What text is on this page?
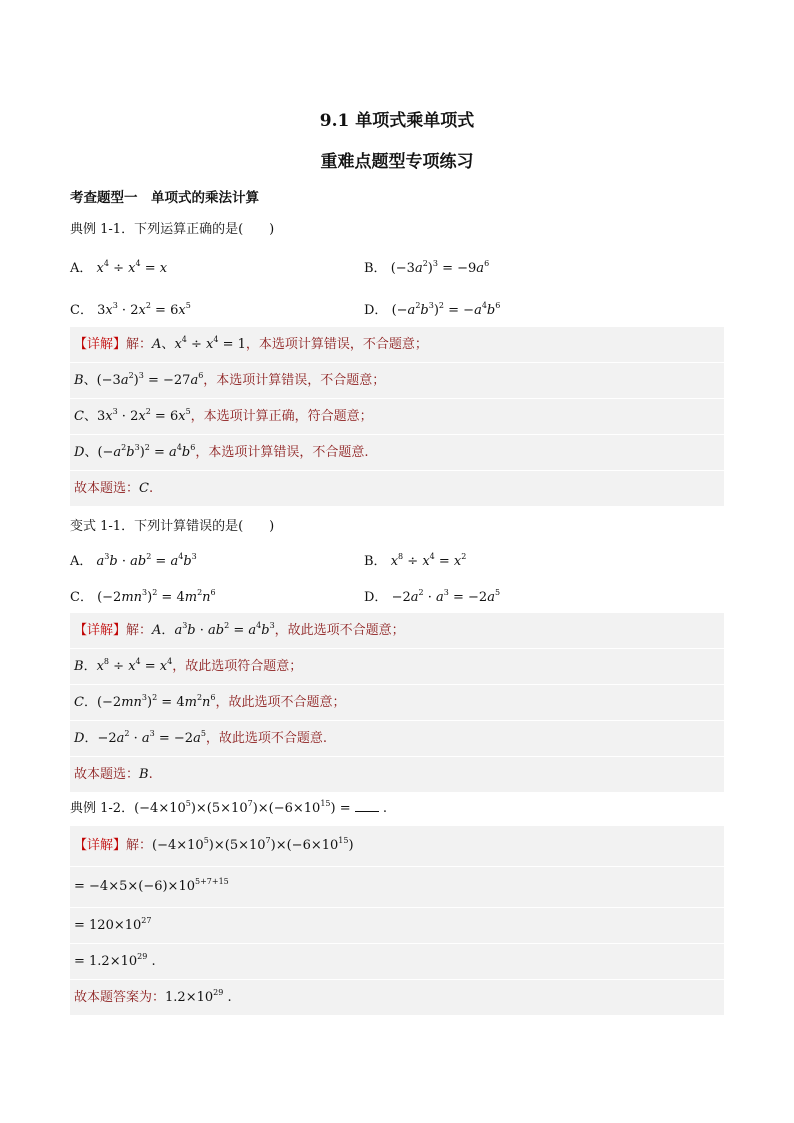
9.1 单项式乘单项式
重难点题型专项练习
考查题型一　单项式的乘法计算
典例 1-1．下列运算正确的是(　　)
A． $x^4 \div x^4 = x$	B． $(-3a^2)^3 = -9a^6$
C． $3x^3 \cdot 2x^2 = 6x^5$	D． $(-a^2b^3)^2 = -a^4b^6$
【详解】解：A、$x^4 \div x^4 = 1$，本选项计算错误，不合题意；
B、$(-3a^2)^3 = -27a^6$，本选项计算错误，不合题意；
C、$3x^3 \cdot 2x^2 = 6x^5$，本选项计算正确，符合题意；
D、$(-a^2b^3)^2 = a^4b^6$，本选项计算错误，不合题意.
故本题选：C.
变式 1-1．下列计算错误的是(　　)
A． $a^3b \cdot ab^2 = a^4b^3$	B． $x^8 \div x^4 = x^2$
C． $(-2mn^3)^2 = 4m^2n^6$	D． $-2a^2 \cdot a^3 = -2a^5$
【详解】解：A．$a^3b \cdot ab^2 = a^4b^3$，故此选项不合题意；
B．$x^8 \div x^4 = x^4$，故此选项符合题意；
C．$(-2mn^3)^2 = 4m^2n^6$，故此选项不合题意；
D．$-2a^2 \cdot a^3 = -2a^5$，故此选项不合题意.
故本题选：B.
典例 1-2．$(-4\times 10^5)\times(5\times 10^7)\times(-6\times 10^{15})$ =  .
【详解】解：$(-4\times 10^5)\times(5\times 10^7)\times(-6\times 10^{15})$
= $-4\times 5\times(-6)\times 10^{5+7+15}$
= $120\times 10^{27}$
= $1.2\times 10^{29}$ .
故本题答案为：$1.2\times 10^{29}$ .
